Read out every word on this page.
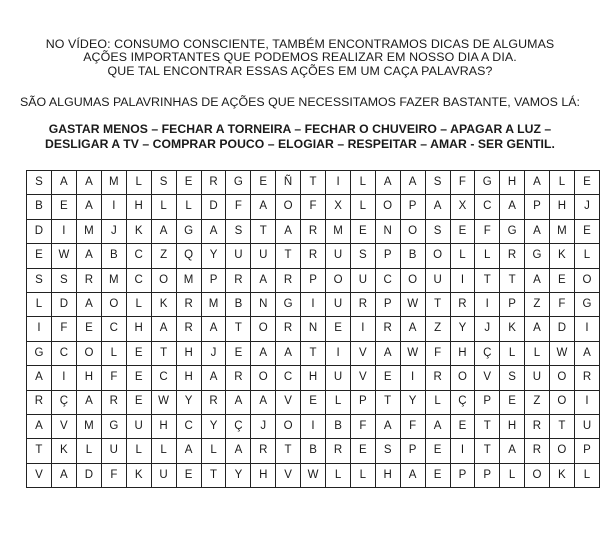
NO VÍDEO: CONSUMO CONSCIENTE, TAMBÉM ENCONTRAMOS DICAS DE ALGUMAS
AÇÕES IMPORTANTES QUE PODEMOS REALIZAR EM NOSSO DIA A DIA.
QUE TAL ENCONTRAR ESSAS AÇÕES EM UM CAÇA PALAVRAS?
SÃO ALGUMAS PALAVRINHAS DE AÇÕES QUE NECESSITAMOS FAZER BASTANTE, VAMOS LÁ:
GASTAR MENOS – FECHAR A TORNEIRA – FECHAR O CHUVEIRO – APAGAR A LUZ –
DESLIGAR A TV – COMPRAR POUCO – ELOGIAR – RESPEITAR – AMAR - SER GENTIL.
S	A	A	M	L	S	E	R	G	E	Ñ	T	I	L	A	A	S	F	G	H	A	L	E
B	E	A	I	H	L	L	D	F	A	O	F	X	L	O	P	A	X	C	A	P	H	J
D	I	M	J	K	A	G	A	S	T	A	R	M	E	N	O	S	E	F	G	A	M	E
E	W	A	B	C	Z	Q	Y	U	U	T	R	U	S	P	B	O	L	L	R	G	K	L
S	S	R	M	C	O	M	P	R	A	R	P	O	U	C	O	U	I	T	T	A	E	O
L	D	A	O	L	K	R	M	B	N	G	I	U	R	P	W	T	R	I	P	Z	F	G
I	F	E	C	H	A	R	A	T	O	R	N	E	I	R	A	Z	Y	J	K	A	D	I
G	C	O	L	E	T	H	J	E	A	A	T	I	V	A	W	F	H	Ç	L	L	W	A
A	I	H	F	E	C	H	A	R	O	C	H	U	V	E	I	R	O	V	S	U	O	R
R	Ç	A	R	E	W	Y	R	A	A	V	E	L	P	T	Y	L	Ç	P	E	Z	O	I
A	V	M	G	U	H	C	Y	Ç	J	O	I	B	F	A	F	A	E	T	H	R	T	U
T	K	L	U	L	L	A	L	A	R	T	B	R	E	S	P	E	I	T	A	R	O	P
V	A	D	F	K	U	E	T	Y	H	V	W	L	L	H	A	E	P	P	L	O	K	L
